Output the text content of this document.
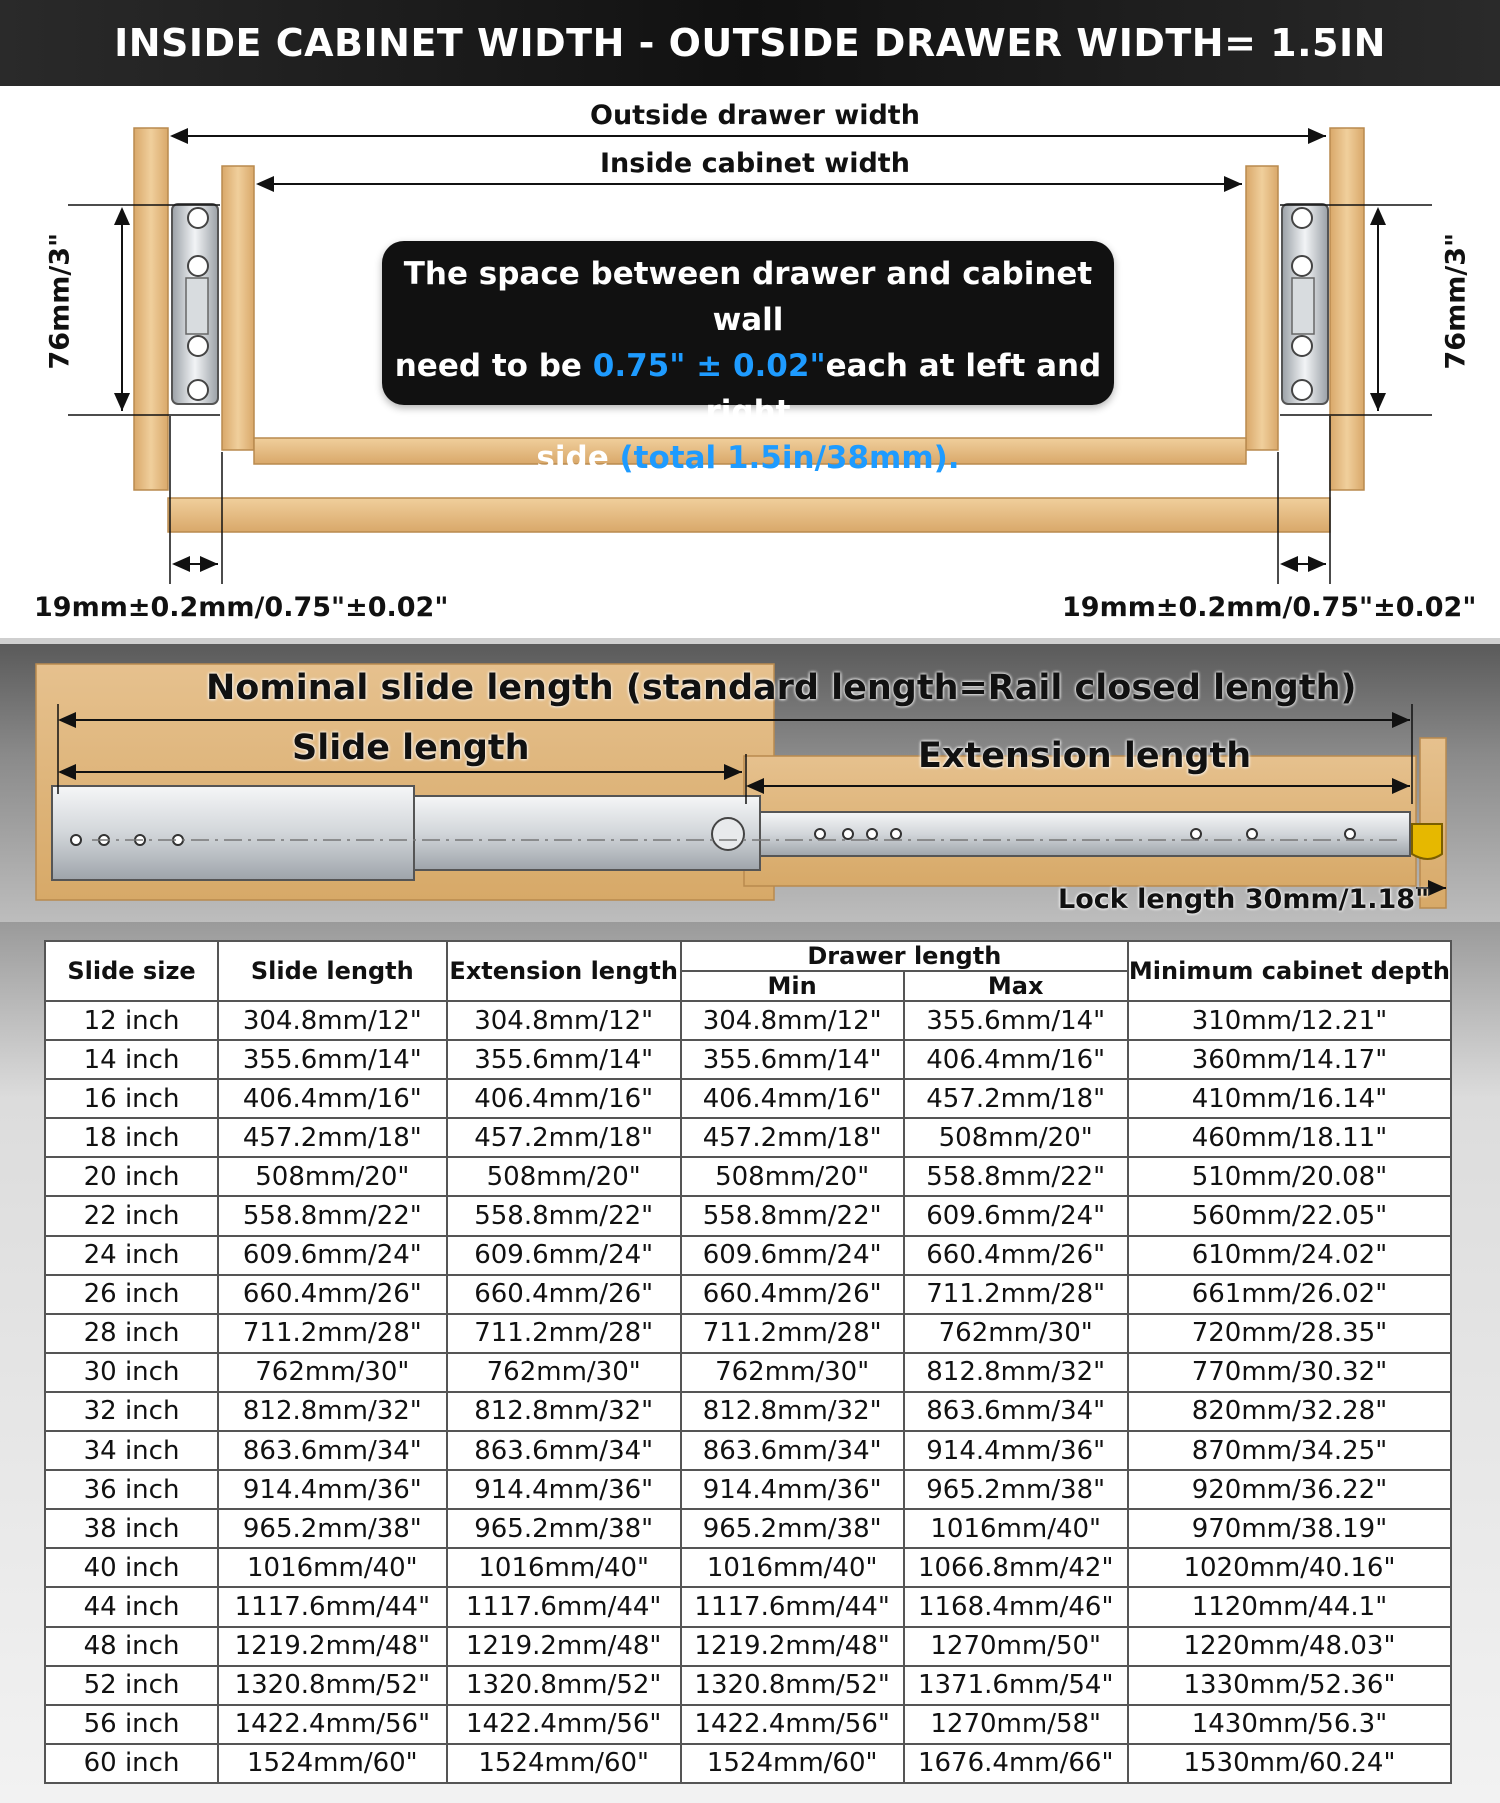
INSIDE CABINET WIDTH - OUTSIDE DRAWER WIDTH= 1.5IN
Outside drawer width
Inside cabinet width
76mm/3"	76mm/3"
19mm±0.2mm/0.75"±0.02"	19mm±0.2mm/0.75"±0.02"
The space between drawer and cabinet wall
need to be 0.75" ± 0.02"each at left and right
side (total 1.5in/38mm).
Nominal slide length (standard length=Rail closed length)
Slide length	Extension length
Lock length 30mm/1.18"
Slide size	Slide length	Extension length	Drawer length		Minimum cabinet depth
			Min	Max	
12 inch	304.8mm/12"	304.8mm/12"	304.8mm/12"	355.6mm/14"	310mm/12.21"
14 inch	355.6mm/14"	355.6mm/14"	355.6mm/14"	406.4mm/16"	360mm/14.17"
16 inch	406.4mm/16"	406.4mm/16"	406.4mm/16"	457.2mm/18"	410mm/16.14"
18 inch	457.2mm/18"	457.2mm/18"	457.2mm/18"	508mm/20"	460mm/18.11"
20 inch	508mm/20"	508mm/20"	508mm/20"	558.8mm/22"	510mm/20.08"
22 inch	558.8mm/22"	558.8mm/22"	558.8mm/22"	609.6mm/24"	560mm/22.05"
24 inch	609.6mm/24"	609.6mm/24"	609.6mm/24"	660.4mm/26"	610mm/24.02"
26 inch	660.4mm/26"	660.4mm/26"	660.4mm/26"	711.2mm/28"	661mm/26.02"
28 inch	711.2mm/28"	711.2mm/28"	711.2mm/28"	762mm/30"	720mm/28.35"
30 inch	762mm/30"	762mm/30"	762mm/30"	812.8mm/32"	770mm/30.32"
32 inch	812.8mm/32"	812.8mm/32"	812.8mm/32"	863.6mm/34"	820mm/32.28"
34 inch	863.6mm/34"	863.6mm/34"	863.6mm/34"	914.4mm/36"	870mm/34.25"
36 inch	914.4mm/36"	914.4mm/36"	914.4mm/36"	965.2mm/38"	920mm/36.22"
38 inch	965.2mm/38"	965.2mm/38"	965.2mm/38"	1016mm/40"	970mm/38.19"
40 inch	1016mm/40"	1016mm/40"	1016mm/40"	1066.8mm/42"	1020mm/40.16"
44 inch	1117.6mm/44"	1117.6mm/44"	1117.6mm/44"	1168.4mm/46"	1120mm/44.1"
48 inch	1219.2mm/48"	1219.2mm/48"	1219.2mm/48"	1270mm/50"	1220mm/48.03"
52 inch	1320.8mm/52"	1320.8mm/52"	1320.8mm/52"	1371.6mm/54"	1330mm/52.36"
56 inch	1422.4mm/56"	1422.4mm/56"	1422.4mm/56"	1270mm/58"	1430mm/56.3"
60 inch	1524mm/60"	1524mm/60"	1524mm/60"	1676.4mm/66"	1530mm/60.24"
